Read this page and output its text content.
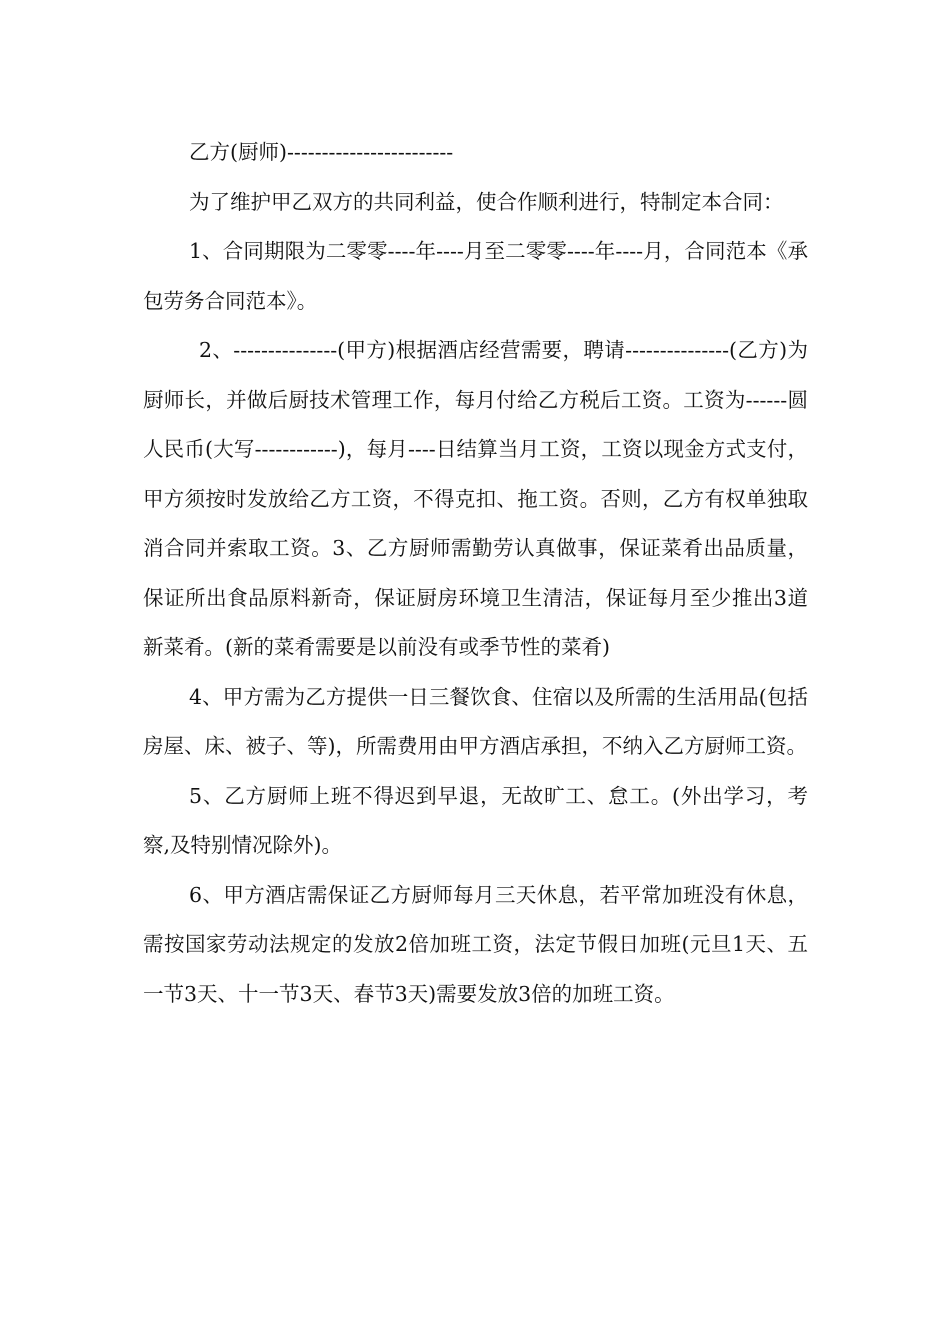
乙方(厨师)------------------------

为了维护甲乙双方的共同利益，使合作顺利进行，特制定本合同：

1、合同期限为二零零----年----月至二零零----年----月，合同范本《承包劳务合同范本》。

2、---------------(甲方)根据酒店经营需要，聘请---------------(乙方)为厨师长，并做后厨技术管理工作，每月付给乙方税后工资。工资为------圆人民币(大写------------)，每月----日结算当月工资，工资以现金方式支付，甲方须按时发放给乙方工资，不得克扣、拖工资。否则，乙方有权单独取消合同并索取工资。3、乙方厨师需勤劳认真做事，保证菜肴出品质量，保证所出食品原料新奇，保证厨房环境卫生清洁，保证每月至少推出3道新菜肴。(新的菜肴需要是以前没有或季节性的菜肴)

4、甲方需为乙方提供一日三餐饮食、住宿以及所需的生活用品(包括房屋、床、被子、等)，所需费用由甲方酒店承担，不纳入乙方厨师工资。

5、乙方厨师上班不得迟到早退，无故旷工、怠工。(外出学习，考察,及特别情况除外)。

6、甲方酒店需保证乙方厨师每月三天休息，若平常加班没有休息，需按国家劳动法规定的发放2倍加班工资，法定节假日加班(元旦1天、五一节3天、十一节3天、春节3天)需要发放3倍的加班工资。
